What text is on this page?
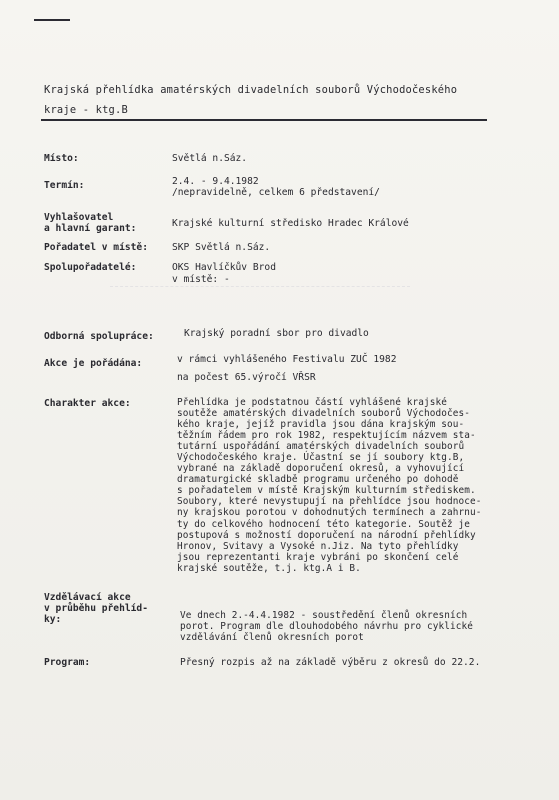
Krajská přehlídka amatérských divadelních souborů Východočeského
kraje - ktg.B
Místo:	Světlá n.Sáz.
Termín:	2.4. - 9.4.1982
/nepravidelně, celkem 6 představení/
Vyhlašovatel
a hlavní garant:	Krajské kulturní středisko Hradec Králové
Pořadatel v místě:	SKP Světlá n.Sáz.
Spolupořadatelé:	OKS Havlíčkův Brod
v místě: -
Odborná spolupráce:	Krajský poradní sbor pro divadlo
Akce je pořádána:	v rámci vyhlášeného Festivalu ZUČ 1982
na počest 65.výročí VŘSR
Charakter akce:	Přehlídka je podstatnou částí vyhlášené krajské
soutěže amatérských divadelních souborů Východočes-
kého kraje, jejíž pravidla jsou dána krajským sou-
těžním řádem pro rok 1982, respektujícím názvem sta-
tutární uspořádání amatérských divadelních souborů
Východočeského kraje. Účastní se jí soubory ktg.B,
vybrané na základě doporučení okresů, a vyhovující
dramaturgické skladbě programu určeného po dohodě
s pořadatelem v místě Krajským kulturním střediskem.
Soubory, které nevystupují na přehlídce jsou hodnoce-
ny krajskou porotou v dohodnutých termínech a zahrnu-
ty do celkového hodnocení této kategorie. Soutěž je
postupová s možností doporučení na národní přehlídky
Hronov, Svitavy a Vysoké n.Jiz. Na tyto přehlídky
jsou reprezentanti kraje vybráni po skončení celé
krajské soutěže, t.j. ktg.A i B.
Vzdělávací akce
v průběhu přehlíd-
ky:	Ve dnech 2.-4.4.1982 - soustředění členů okresních
porot. Program dle dlouhodobého návrhu pro cyklické
vzdělávání členů okresních porot
Program:	Přesný rozpis až na základě výběru z okresů do 22.2.
